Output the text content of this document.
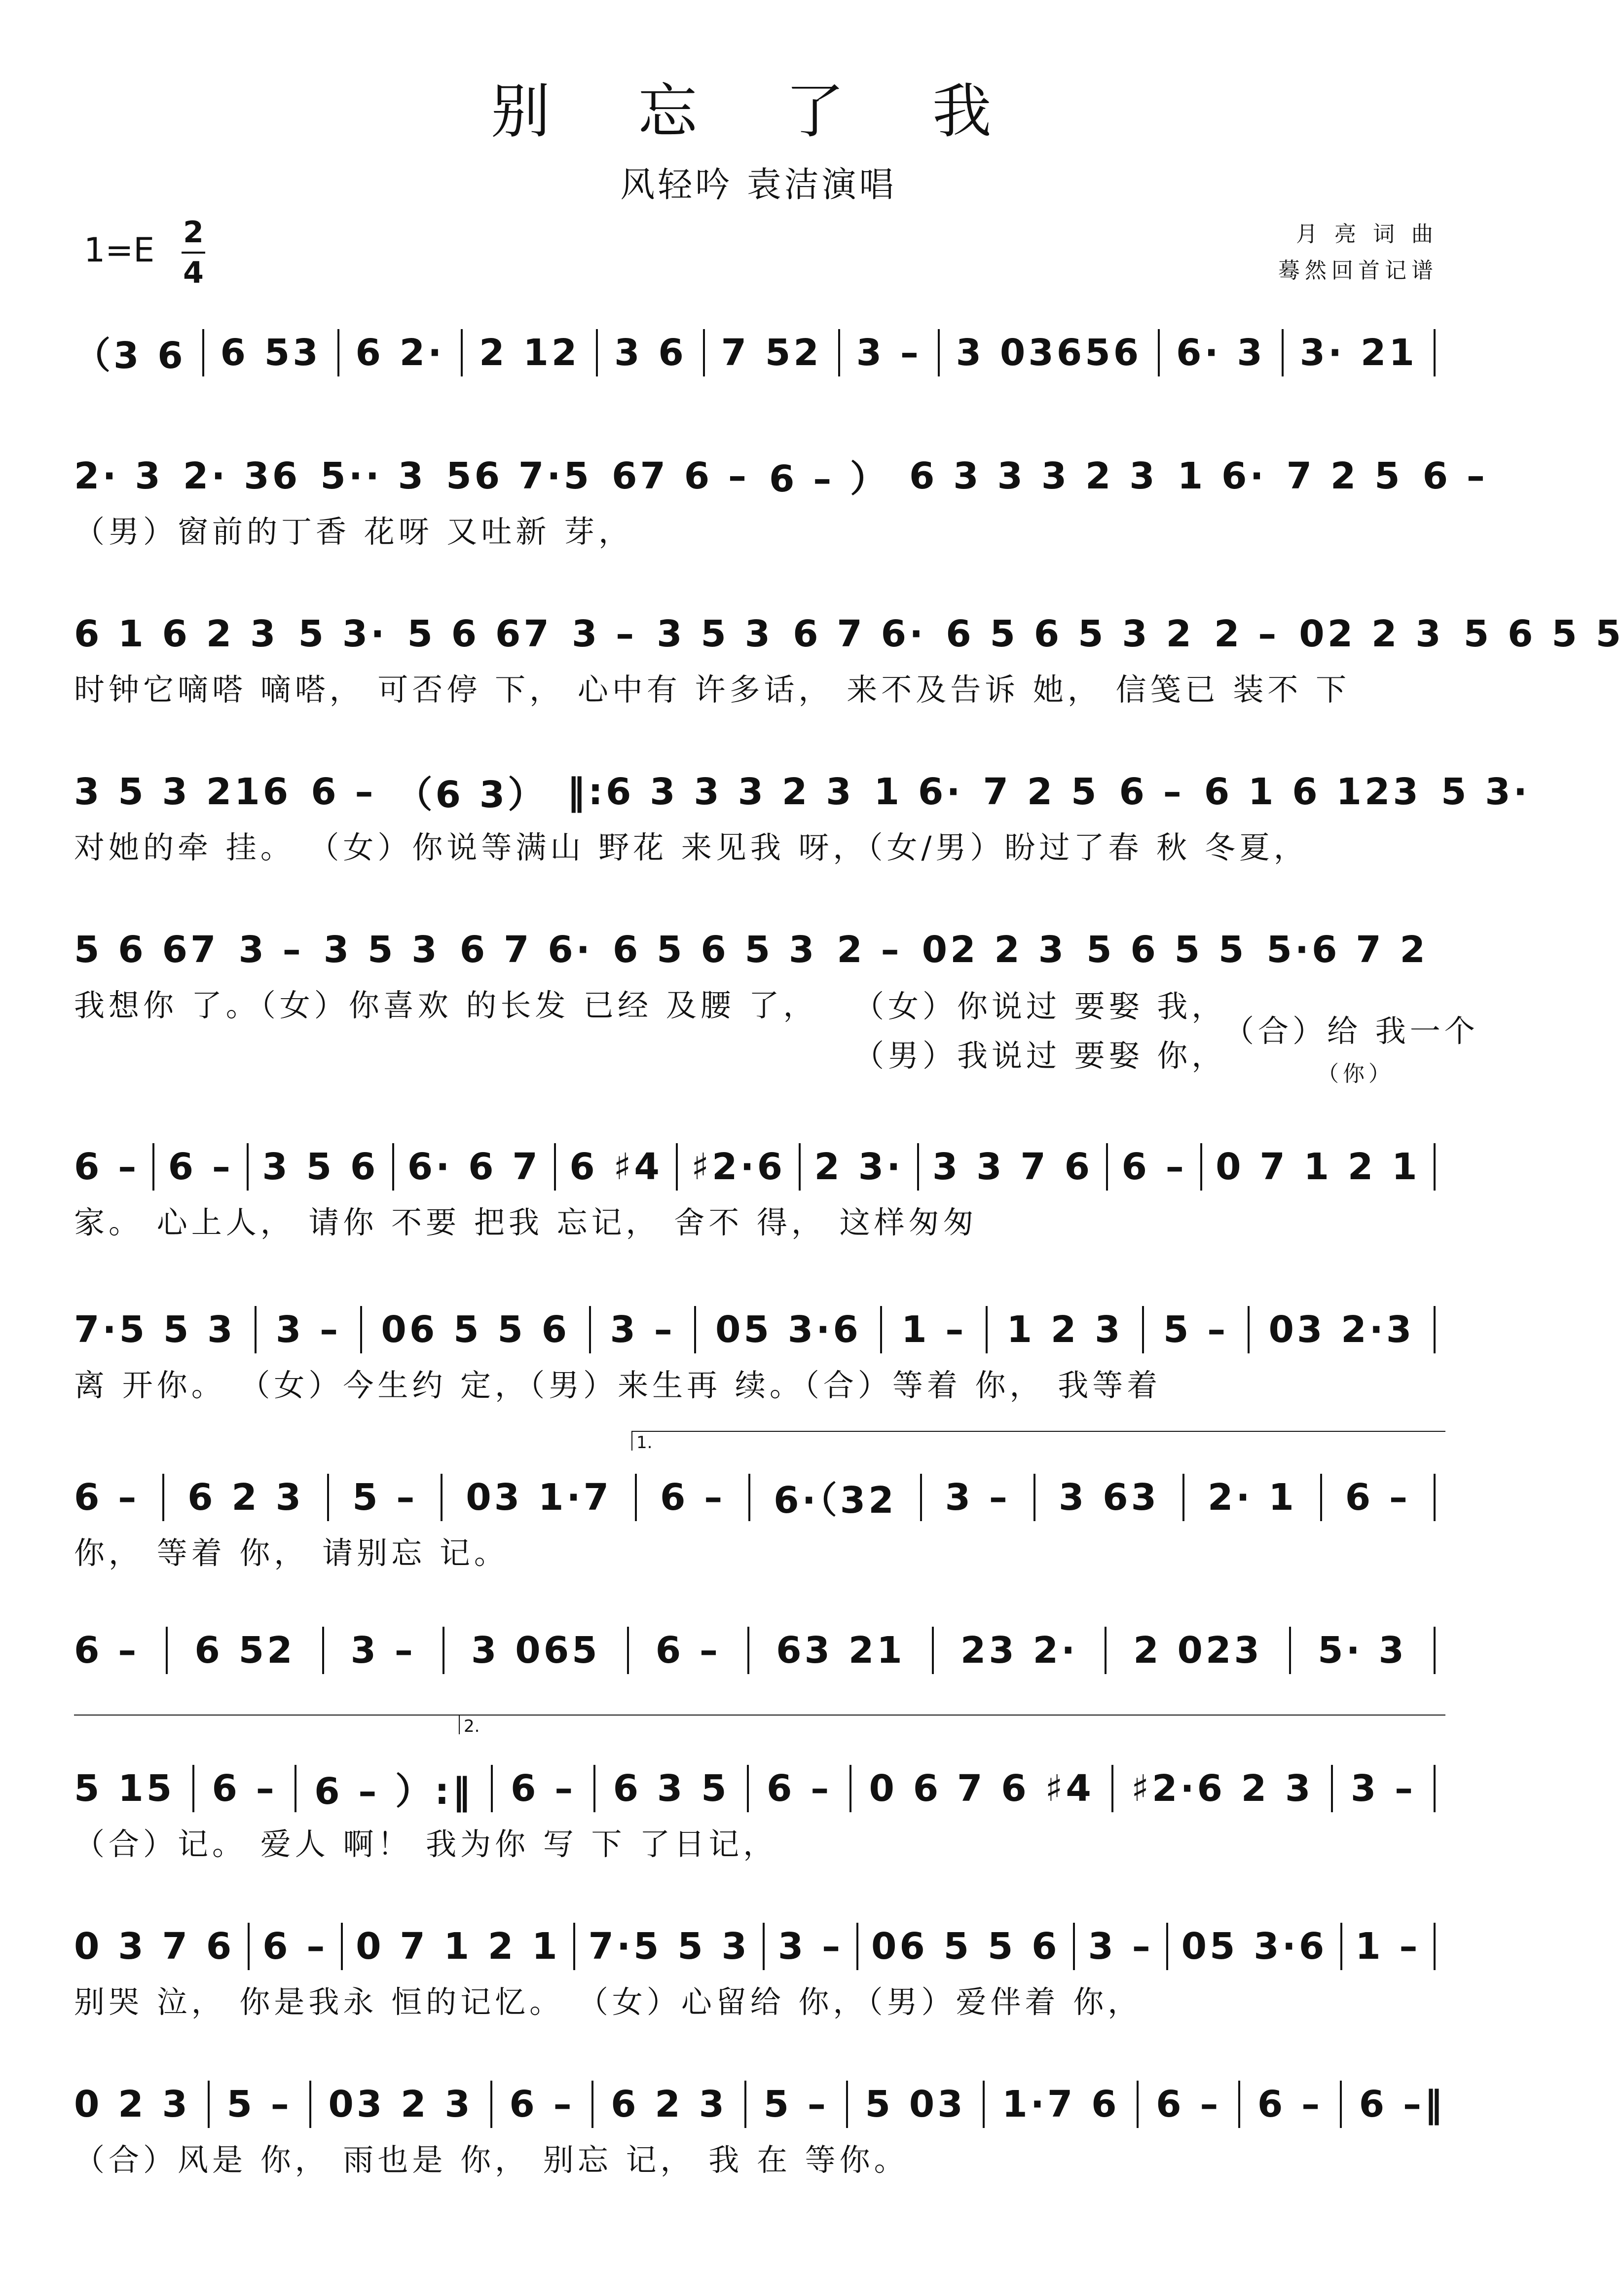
别 忘 了 我
风轻吟 袁洁演唱
1=E 2
4
月 亮 词 曲
蓦然回首记谱
（3 6 6 53 6 2· 2 12 3 6 7 52 3 – 3 03656 6· 3 3· 21
2· 3 2· 36 5·· 3 56 7·5 67 6 – 6 – ） 6 3 3 3 2 3 1 6· 7 2 5 6 –
（男）窗前的丁香 花呀 又吐新 芽，
6 1 6 2 3 5 3· 5 6 67 3 – 3 5 3 6 7 6· 6 5 6 5 3 2 2 – 02 2 3 5 6 5 5
时钟它嘀嗒 嘀嗒， 可否停 下， 心中有 许多话， 来不及告诉 她， 信笺已 装不 下
3 5 3 216 6 – （6 3） ‖:6 3 3 3 2 3 1 6· 7 2 5 6 – 6 1 6 123 5 3·
对她的牵 挂。 （女）你说等满山 野花 来见我 呀，（女/男）盼过了春 秋 冬夏，
5 6 67 3 – 3 5 3 6 7 6· 6 5 6 5 3 2 – 02 2 3 5 6 5 5 5·6 7 2
我想你 了。（女）你喜欢 的长发 已经 及腰 了，	（女）你说过 要娶 我，
（男）我说过 要娶 你，
（合）给 我一个
（你）
6 – 6 – 3 5 6 6· 6 7 6 ♯4 ♯2·6 2 3· 3 3 7 6 6 – 0 7 1 2 1
家。 心上人， 请你 不要 把我 忘记， 舍不 得， 这样匆匆
7·5 5 3 3 – 06 5 5 6 3 – 05 3·6 1 – 1 2 3 5 – 03 2·3
离 开你。 （女）今生约 定，（男）来生再 续。（合）等着 你， 我等着
6 – 6 2 3 5 – 03 1·7 6 – 6·（32 3 – 3 63 2· 1 6 –
你， 等着 你， 请别忘 记。
6 – 6 52 3 – 3 065 6 – 63 21 23 2· 2 023 5· 3
5 15 6 – 6 – ）:‖ 6 – 6 3 5 6 – 0 6 7 6 ♯4 ♯2·6 2 3 3 –
（合）记。 爱人 啊！ 我为你 写 下 了日记，
0 3 7 6 6 – 0 7 1 2 1 7·5 5 3 3 – 06 5 5 6 3 – 05 3·6 1 –
别哭 泣， 你是我永 恒的记忆。 （女）心留给 你，（男）爱伴着 你，
0 2 3 5 – 03 2 3 6 – 6 2 3 5 – 5 03 1·7 6 6 – 6 – 6 –‖
（合）风是 你， 雨也是 你， 别忘 记， 我 在 等你。
1.
2.
